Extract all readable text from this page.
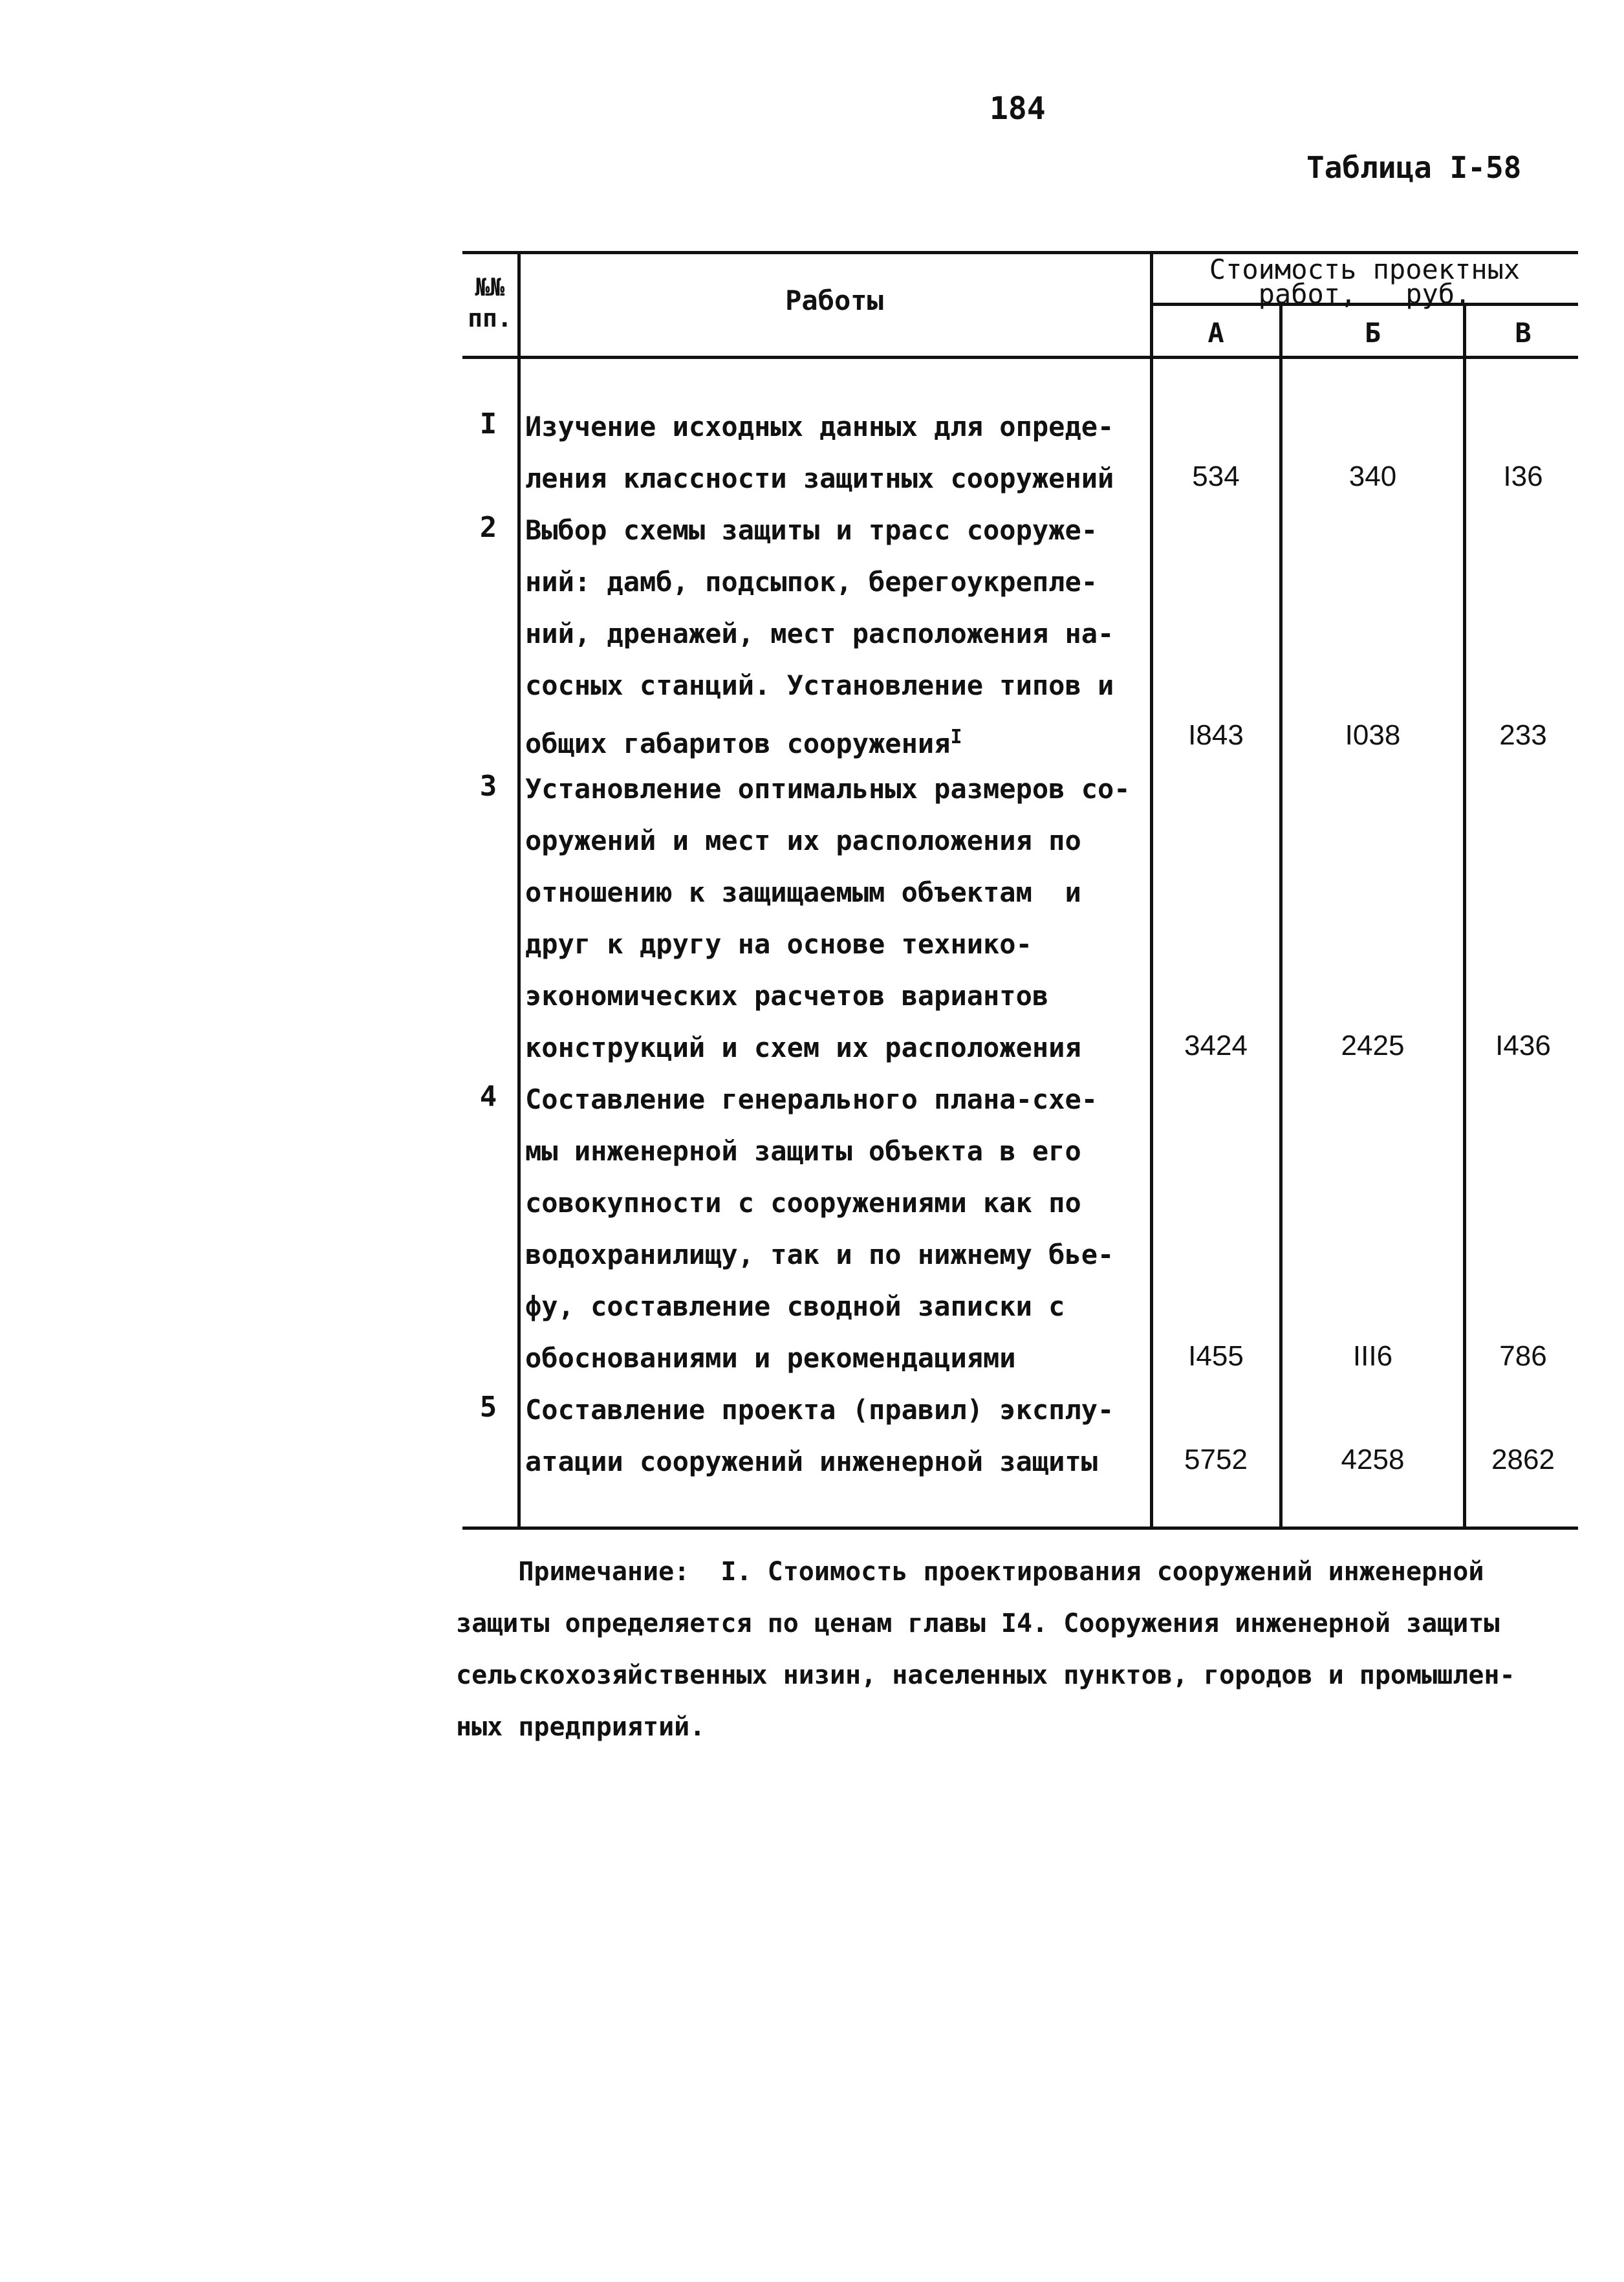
184
Таблица I-58
№№
пп.
Работы
Стоимость проектных
работ,   руб.
А	Б	В
I Изучение исходных данных для опреде-
ления классности защитных сооружений	534	340	I36
2 Выбор схемы защиты и трасс сооруже-
ний: дамб, подсыпок, берегоукрепле-
ний, дренажей, мест расположения на-
сосных станций. Установление типов и
общих габаритов сооружения$^I$	I843	I038	233
3 Установление оптимальных размеров со-
оружений и мест их расположения по
отношению к защищаемым объектам  и
друг к другу на основе технико-
экономических расчетов вариантов
конструкций и схем их расположения	3424	2425	I436
4 Составление генерального плана-схе-
мы инженерной защиты объекта в его
совокупности с сооружениями как по
водохранилищу, так и по нижнему бье-
фу, составление сводной записки с
обоснованиями и рекомендациями	I455	III6	786
5 Составление проекта (правил) эксплу-
атации сооружений инженерной защиты	5752	4258	2862
Примечание:  I. Стоимость проектирования сооружений инженерной
защиты определяется по ценам главы I4. Сооружения инженерной защиты
сельскохозяйственных низин, населенных пунктов, городов и промышлен-
ных предприятий.
